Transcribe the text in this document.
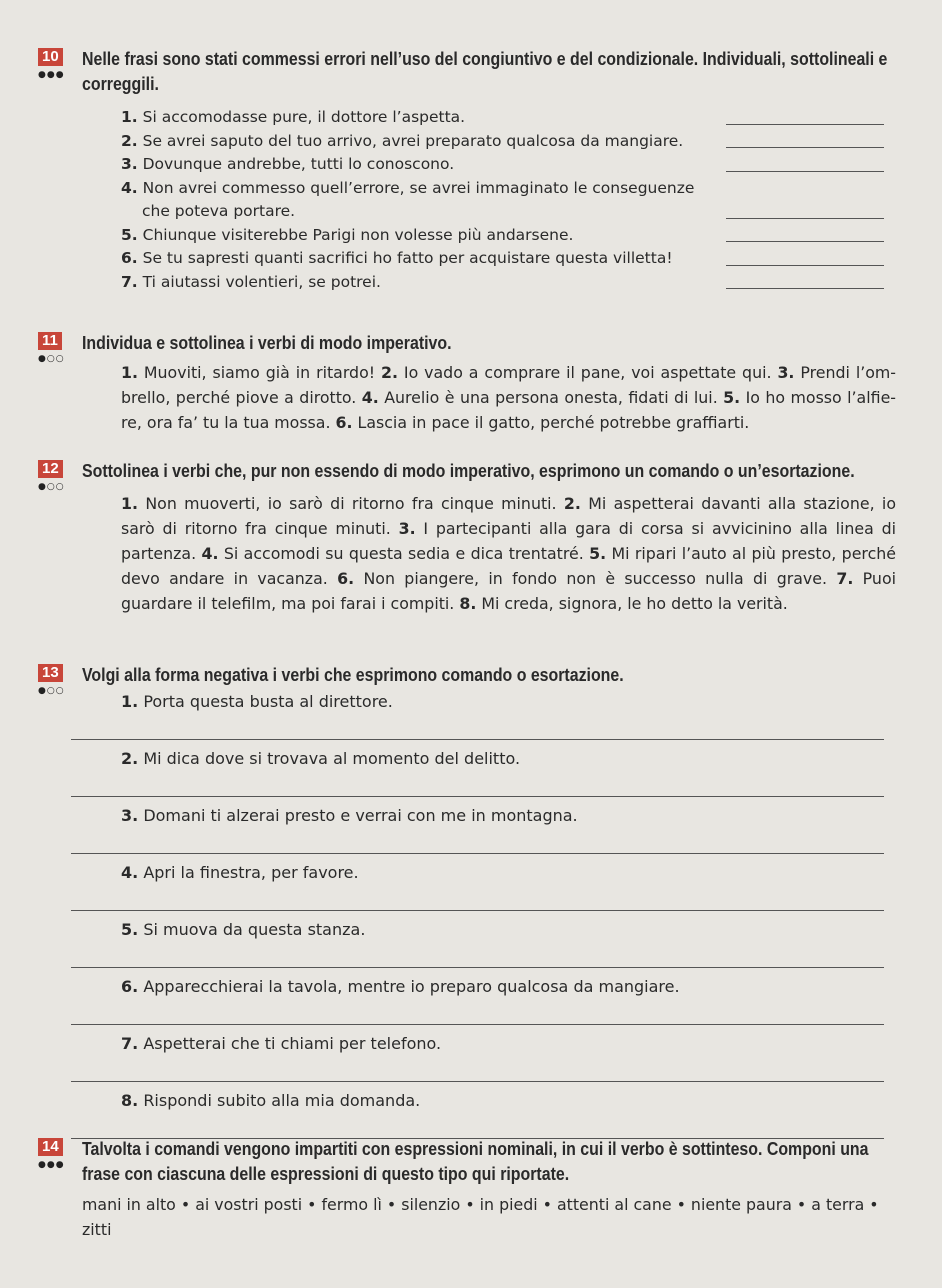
10
●●●

Nelle frasi sono stati commessi errori nell’uso del congiuntivo e del condizionale. Individuali, sottolineali e correggili.

1. Si accomodasse pure, il dottore l’aspetta.
2. Se avrei saputo del tuo arrivo, avrei preparato qualcosa da mangiare.
3. Dovunque andrebbe, tutti lo conoscono.
4. Non avrei commesso quell’errore, se avrei immaginato le conseguenze
che poteva portare.
5. Chiunque visiterebbe Parigi non volesse più andarsene.
6. Se tu sapresti quanti sacrifici ho fatto per acquistare questa villetta!
7. Ti aiutassi volentieri, se potrei.
11
●○○

Individua e sottolinea i verbi di modo imperativo.

1. Muoviti, siamo già in ritardo! 2. Io vado a comprare il pane, voi aspettate qui. 3. Prendi l’ombrello, perché piove a dirotto. 4. Aurelio è una persona onesta, fidati di lui. 5. Io ho mosso l’alfiere, ora fa’ tu la tua mossa. 6. Lascia in pace il gatto, perché potrebbe graffiarti.

12
●○○

Sottolinea i verbi che, pur non essendo di modo imperativo, esprimono un comando o un’esortazione.

1. Non muoverti, io sarò di ritorno fra cinque minuti. 2. Mi aspetterai davanti alla stazione, io sarò di ritorno fra cinque minuti. 3. I partecipanti alla gara di corsa si avvicinino alla linea di partenza. 4. Si accomodi su questa sedia e dica trentatré. 5. Mi ripari l’auto al più presto, perché devo andare in vacanza. 6. Non piangere, in fondo non è successo nulla di grave. 7. Puoi guardare il telefilm, ma poi farai i compiti. 8. Mi creda, signora, le ho detto la verità.

13
●○○

Volgi alla forma negativa i verbi che esprimono comando o esortazione.

1. Porta questa busta al direttore.
2. Mi dica dove si trovava al momento del delitto.
3. Domani ti alzerai presto e verrai con me in montagna.
4. Apri la finestra, per favore.
5. Si muova da questa stanza.
6. Apparecchierai la tavola, mentre io preparo qualcosa da mangiare.
7. Aspetterai che ti chiami per telefono.
8. Rispondi subito alla mia domanda.
14
●●●

Talvolta i comandi vengono impartiti con espressioni nominali, in cui il verbo è sottinteso. Componi una frase con ciascuna delle espressioni di questo tipo qui riportate.

mani in alto • ai vostri posti • fermo lì • silenzio • in piedi • attenti al cane • niente paura • a terra • zitti
